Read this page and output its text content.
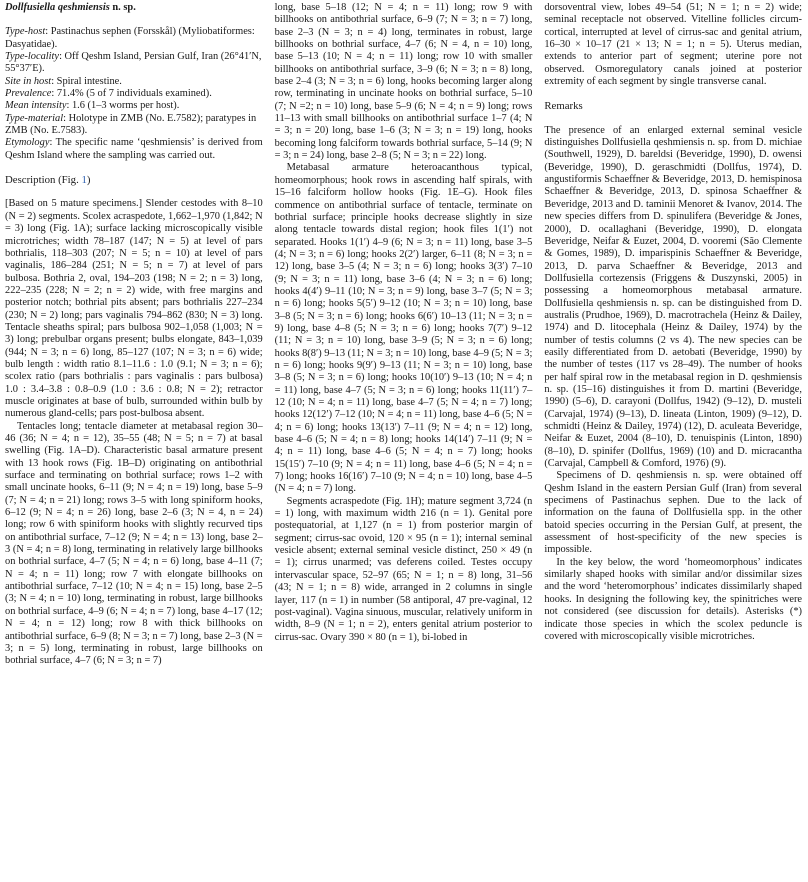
Dollfusiella qeshmiensis n. sp.

Type-host: Pastinachus sephen (Forsskål) (Myliobatiformes: Dasyatidae).

Type-locality: Off Qeshm Island, Persian Gulf, Iran (26°41′N, 55°37′E).

Site in host: Spiral intestine.

Prevalence: 71.4% (5 of 7 individuals examined).

Mean intensity: 1.6 (1–3 worms per host).

Type-material: Holotype in ZMB (No. E.7582); paratypes in ZMB (No. E.7583).

Etymology: The specific name ‘qeshmiensis’ is derived from Qeshm Island where the sampling was carried out.

Description (Fig. 1)

[Based on 5 mature specimens.] Slender cestodes with 8–10 (N = 2) segments. Scolex acraspedote, 1,662–1,970 (1,842; N = 3) long (Fig. 1A); surface lacking microscopically visible microtriches; width 78–187 (147; N = 5) at level of pars bothrialis, 118–303 (207; N = 5; n = 10) at level of pars vaginalis, 186–284 (251; N = 5; n = 7) at level of pars bulbosa. Bothria 2, oval, 194–203 (198; N = 2; n = 3) long, 222–235 (228; N = 2; n = 2) wide, with free margins and posterior notch; bothrial pits absent; pars bothrialis 227–234 (230; N = 2) long; pars vaginalis 794–862 (830; N = 3) long. Tentacle sheaths spiral; pars bulbosa 902–1,058 (1,003; N = 3) long; prebulbar organs present; bulbs elongate, 843–1,039 (944; N = 3; n = 6) long, 85–127 (107; N = 3; n = 6) wide; bulb length : width ratio 8.1–11.6 : 1.0 (9.1; N = 3; n = 6); scolex ratio (pars bothrialis : pars vaginalis : pars bulbosa) 1.0 : 3.4–3.8 : 0.8–0.9 (1.0 : 3.6 : 0.8; N = 2); retractor muscle originates at base of bulb, surrounded within bulb by numerous gland-cells; pars post-bulbosa absent.

Tentacles long; tentacle diameter at metabasal region 30–46 (36; N = 4; n = 12), 35–55 (48; N = 5; n = 7) at basal swelling (Fig. 1A–D). Characteristic basal armature present with 13 hook rows (Fig. 1B–D) originating on antibothrial surface and terminating on bothrial surface; rows 1–2 with small uncinate hooks, 6–11 (9; N = 4; n = 19) long, base 5–9 (7; N = 4; n = 21) long; rows 3–5 with long spiniform hooks, 6–12 (9; N = 4; n = 26) long, base 2–6 (3; N = 4, n = 24) long; row 6 with spiniform hooks with slightly recurved tips on antibothrial surface, 7–12 (9; N = 4; n = 13) long, base 2–3 (N = 4; n = 8) long, terminating in relatively large billhooks on bothrial surface, 4–7 (5; N = 4; n = 6) long, base 4–11 (7; N = 4; n = 11) long; row 7 with elongate billhooks on antibothrial surface, 7–12 (10; N = 4; n = 15) long, base 2–5 (3; N = 4; n = 10) long, terminating in robust, large billhooks on bothrial surface, 4–9 (6; N = 4; n = 7) long, base 4–17 (12; N = 4; n = 12) long; row 8 with thick billhooks on antibothrial surface, 6–9 (8; N = 3; n = 7) long, base 2–3 (N = 3; n = 5) long, terminating in robust, large billhooks on bothrial surface, 4–7 (6; N = 3; n = 7)

long, base 5–18 (12; N = 4; n = 11) long; row 9 with billhooks on antibothrial surface, 6–9 (7; N = 3; n = 7) long, base 2–3 (N = 3; n = 4) long, terminates in robust, large billhooks on bothrial surface, 4–7 (6; N = 4, n = 10) long, base 5–13 (10; N = 4; n = 11) long; row 10 with smaller billhooks on antibothrial surface, 3–9 (6; N = 3; n = 8) long, base 2–4 (3; N = 3; n = 6) long, hooks becoming larger along row, terminating in uncinate hooks on bothrial surface, 5–10 (7; N =2; n = 10) long, base 5–9 (6; N = 4; n = 9) long; rows 11–13 with small billhooks on antibothrial surface 1–7 (4; N = 3; n = 20) long, base 1–6 (3; N = 3; n = 19) long, hooks becoming long falciform towards bothrial surface, 5–14 (9; N = 3; n = 24) long, base 2–8 (5; N = 3; n = 22) long.

Metabasal armature heteroacanthous typical, homeomorphous; hook rows in ascending half spirals, with 15–16 falciform hollow hooks (Fig. 1E–G). Hook files commence on antibothrial surface of tentacle, terminate on bothrial surface; principle hooks decrease slightly in size along tentacle towards distal region; hook files 1(1′) not separated. Hooks 1(1′) 4–9 (6; N = 3; n = 11) long, base 3–5 (4; N = 3; n = 6) long; hooks 2(2′) larger, 6–11 (8; N = 3; n = 12) long, base 3–5 (4; N = 3; n = 6) long; hooks 3(3′) 7–10 (9; N = 3; n = 11) long, base 3–6 (4; N = 3; n = 6) long; hooks 4(4′) 9–11 (10; N = 3; n = 9) long, base 3–7 (5; N = 3; n = 6) long; hooks 5(5′) 9–12 (10; N = 3; n = 10) long, base 3–8 (5; N = 3; n = 6) long; hooks 6(6′) 10–13 (11; N = 3; n = 9) long, base 4–8 (5; N = 3; n = 6) long; hooks 7(7′) 9–12 (11; N = 3; n = 10) long, base 3–9 (5; N = 3; n = 6) long; hooks 8(8′) 9–13 (11; N = 3; n = 10) long, base 4–9 (5; N = 3; n = 6) long; hooks 9(9′) 9–13 (11; N = 3; n = 10) long, base 3–8 (5; N = 3; n = 6) long; hooks 10(10′) 9–13 (10; N = 4; n = 11) long, base 4–7 (5; N = 3; n = 6) long; hooks 11(11′) 7–12 (10; N = 4; n = 11) long, base 4–7 (5; N = 4; n = 7) long; hooks 12(12′) 7–12 (10; N = 4; n = 11) long, base 4–6 (5; N = 4; n = 6) long; hooks 13(13′) 7–11 (9; N = 4; n = 12) long, base 4–6 (5; N = 4; n = 8) long; hooks 14(14′) 7–11 (9; N = 4; n = 11) long, base 4–6 (5; N = 4; n = 7) long; hooks 15(15′) 7–10 (9; N = 4; n = 11) long, base 4–6 (5; N = 4; n = 7) long; hooks 16(16′) 7–10 (9; N = 4; n = 10) long, base 4–5 (N = 4; n = 7) long.

Segments acraspedote (Fig. 1H); mature segment 3,724 (n = 1) long, with maximum width 216 (n = 1). Genital pore postequatorial, at 1,127 (n = 1) from posterior margin of segment; cirrus-sac ovoid, 120 × 95 (n = 1); internal seminal vesicle absent; external seminal vesicle distinct, 250 × 49 (n = 1); cirrus unarmed; vas deferens coiled. Testes occupy intervascular space, 52–97 (65; N = 1; n = 8) long, 31–56 (43; N = 1; n = 8) wide, arranged in 2 columns in single layer, 117 (n = 1) in number (58 antiporal, 47 pre-vaginal, 12 post-vaginal). Vagina sinuous, muscular, relatively uniform in width, 8–9 (N = 1; n = 2), enters genital atrium posterior to cirrus-sac. Ovary 390 × 80 (n = 1), bi-lobed in

dorsoventral view, lobes 49–54 (51; N = 1; n = 2) wide; seminal receptacle not observed. Vitelline follicles circum-cortical, interrupted at level of cirrus-sac and genital atrium, 16–30 × 10–17 (21 × 13; N = 1; n = 5). Uterus median, extends to anterior part of segment; uterine pore not observed. Osmoregulatory canals joined at posterior extremity of each segment by single transverse canal.

Remarks

The presence of an enlarged external seminal vesicle distinguishes Dollfusiella qeshmiensis n. sp. from D. michiae (Southwell, 1929), D. bareldsi (Beveridge, 1990), D. owensi (Beveridge, 1990), D. geraschmidti (Dollfus, 1974), D. angustiformis Schaeffner & Beveridge, 2013, D. hemispinosa Schaeffner & Beveridge, 2013, D. spinosa Schaeffner & Beveridge, 2013 and D. taminii Menoret & Ivanov, 2014. The new species differs from D. spinulifera (Beveridge & Jones, 2000), D. ocallaghani (Beveridge, 1990), D. elongata Beveridge, Neifar & Euzet, 2004, D. vooremi (São Clemente & Gomes, 1989), D. imparispinis Schaeffner & Beveridge, 2013, D. parva Schaeffner & Beveridge, 2013 and Dollfusiella cortezensis (Friggens & Duszynski, 2005) in possessing a homeomorphous metabasal armature. Dollfusiella qeshmiensis n. sp. can be distinguished from D. australis (Prudhoe, 1969), D. macrotrachela (Heinz & Dailey, 1974) and D. litocephala (Heinz & Dailey, 1974) by the number of testis columns (2 vs 4). The new species can be easily differentiated from D. aetobati (Beveridge, 1990) by the number of testes (117 vs 28–49). The number of hooks per half spiral row in the metabasal region in D. qeshmiensis n. sp. (15–16) distinguishes it from D. martini (Beveridge, 1990) (5–6), D. carayoni (Dollfus, 1942) (9–12), D. musteli (Carvajal, 1974) (9–13), D. lineata (Linton, 1909) (9–12), D. schmidti (Heinz & Dailey, 1974) (12), D. aculeata Beveridge, Neifar & Euzet, 2004 (8–10), D. tenuispinis (Linton, 1890) (8–10), D. spinifer (Dollfus, 1969) (10) and D. micracantha (Carvajal, Campbell & Comford, 1976) (9).

Specimens of D. qeshmiensis n. sp. were obtained off Qeshm Island in the eastern Persian Gulf (Iran) from several specimens of Pastinachus sephen. Due to the lack of information on the fauna of Dollfusiella spp. in the other batoid species occurring in the Persian Gulf, at present, the assessment of host-specificity of the new species is impossible.

In the key below, the word ‘homeomorphous’ indicates similarly shaped hooks with similar and/or dissimilar sizes and the word ‘heteromorphous’ indicates dissimilarly shaped hooks. In designing the following key, the spinitriches were not considered (see discussion for details). Asterisks (*) indicate those species in which the scolex peduncle is covered with microscopically visible microtriches.
